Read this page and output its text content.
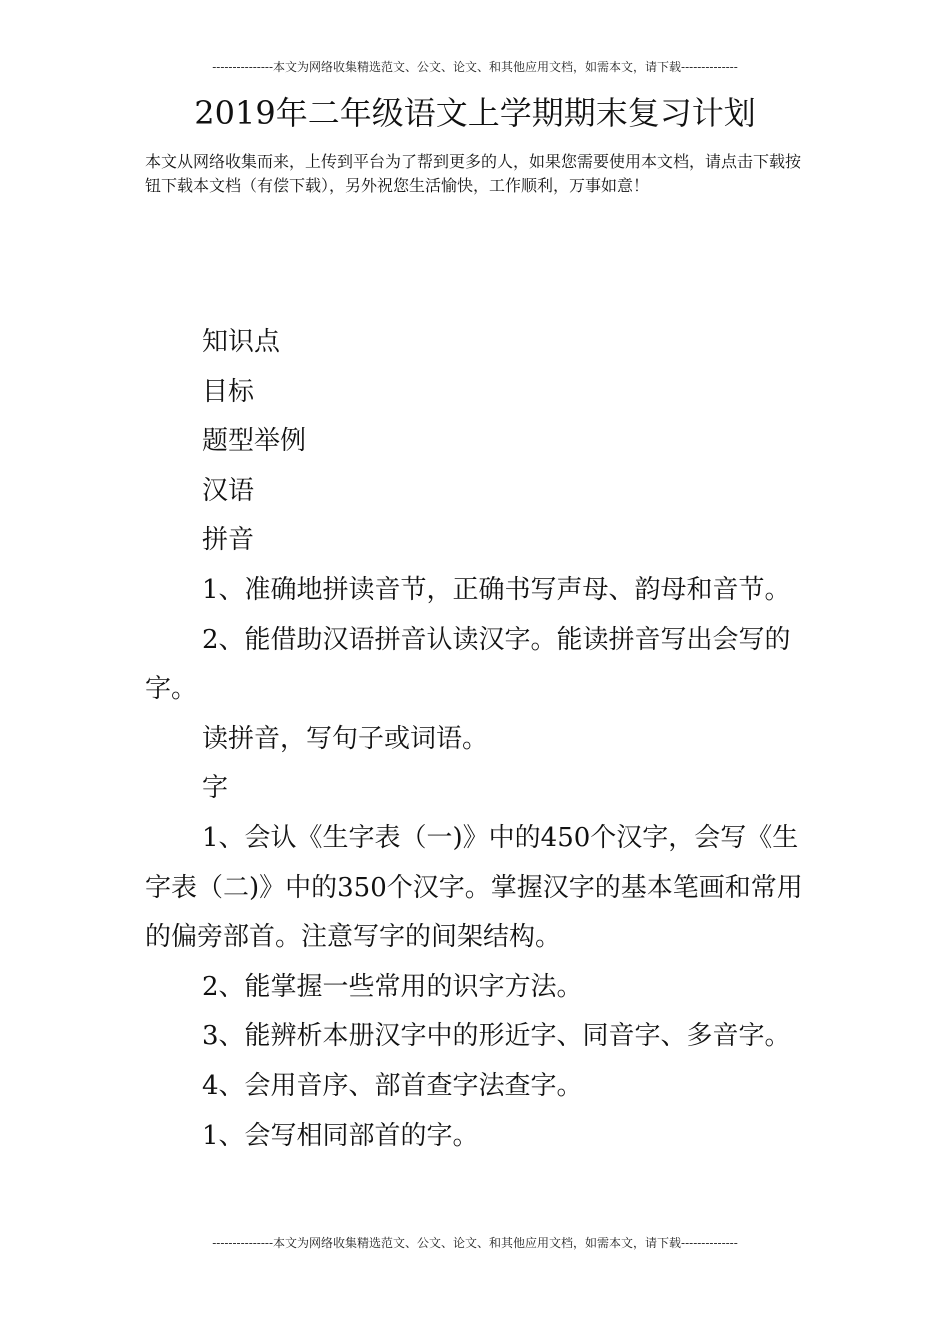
---------------本文为网络收集精选范文、公文、论文、和其他应用文档，如需本文，请下载--------------
2019年二年级语文上学期期末复习计划

本文从网络收集而来，上传到平台为了帮到更多的人，如果您需要使用本文档，请点击下载按钮下载本文档（有偿下载），另外祝您生活愉快，工作顺利，万事如意！

知识点

目标

题型举例

汉语

拼音

1、准确地拼读音节，正确书写声母、韵母和音节。

2、能借助汉语拼音认读汉字。能读拼音写出会写的字。

读拼音，写句子或词语。

字

1、会认《生字表（一)》中的450个汉字，会写《生字表（二)》中的350个汉字。掌握汉字的基本笔画和常用的偏旁部首。注意写字的间架结构。

2、能掌握一些常用的识字方法。

3、能辨析本册汉字中的形近字、同音字、多音字。

4、会用音序、部首查字法查字。

1、会写相同部首的字。

---------------本文为网络收集精选范文、公文、论文、和其他应用文档，如需本文，请下载--------------
